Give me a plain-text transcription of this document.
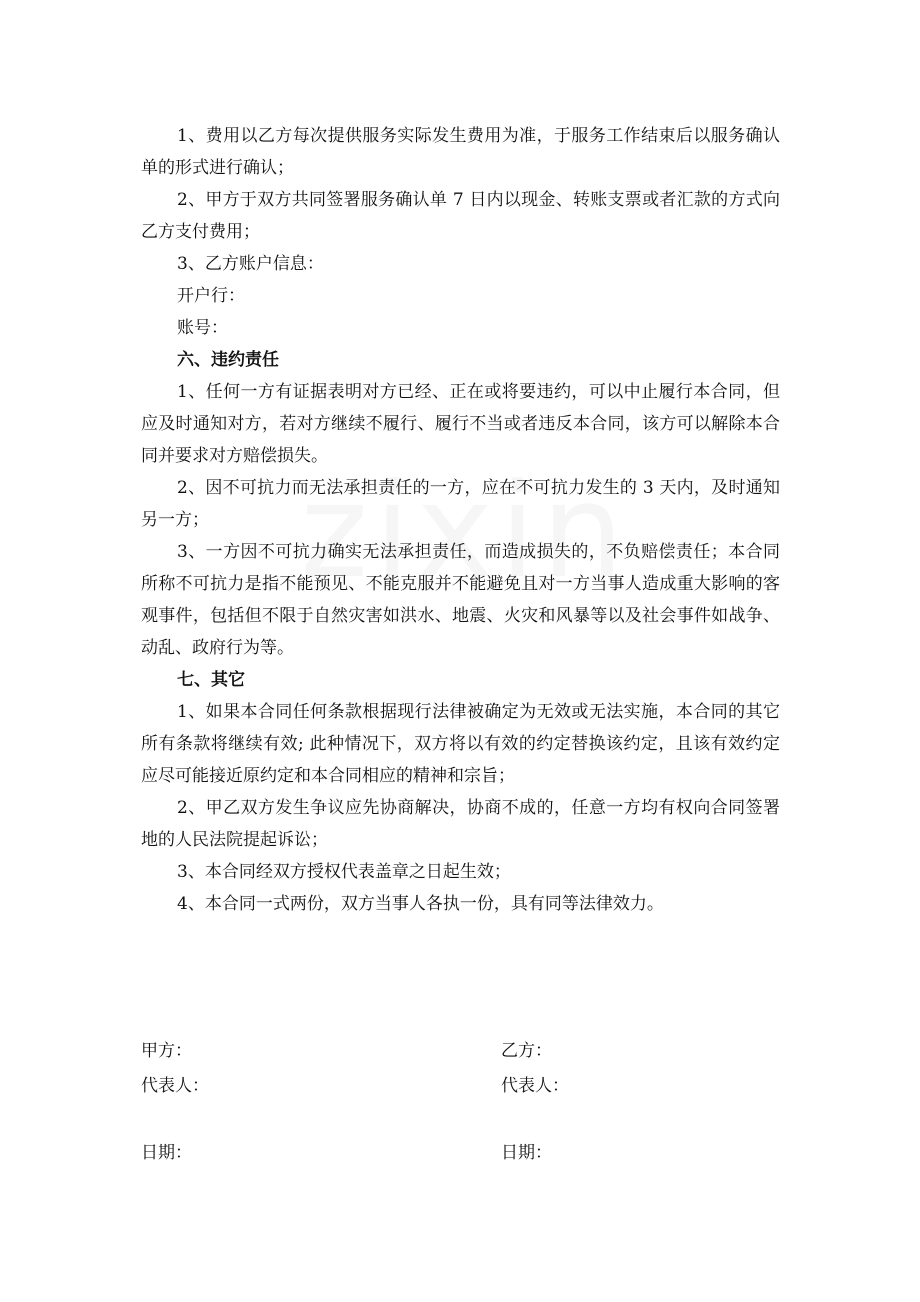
1、费用以乙方每次提供服务实际发生费用为准，于服务工作结束后以服务确认单的形式进行确认；

2、甲方于双方共同签署服务确认单 7 日内以现金、转账支票或者汇款的方式向乙方支付费用；

3、乙方账户信息：

开户行：

账号：

六、违约责任

1、任何一方有证据表明对方已经、正在或将要违约，可以中止履行本合同，但应及时通知对方，若对方继续不履行、履行不当或者违反本合同，该方可以解除本合同并要求对方赔偿损失。

2、因不可抗力而无法承担责任的一方，应在不可抗力发生的 3 天内，及时通知另一方；

3、一方因不可抗力确实无法承担责任，而造成损失的，不负赔偿责任；本合同所称不可抗力是指不能预见、不能克服并不能避免且对一方当事人造成重大影响的客观事件，包括但不限于自然灾害如洪水、地震、火灾和风暴等以及社会事件如战争、动乱、政府行为等。

七、其它

1、如果本合同任何条款根据现行法律被确定为无效或无法实施，本合同的其它所有条款将继续有效; 此种情况下，双方将以有效的约定替换该约定，且该有效约定应尽可能接近原约定和本合同相应的精神和宗旨；

2、甲乙双方发生争议应先协商解决，协商不成的，任意一方均有权向合同签署地的人民法院提起诉讼；

3、本合同经双方授权代表盖章之日起生效；

4、本合同一式两份，双方当事人各执一份，具有同等法律效力。

甲方：	乙方：
代表人：	代表人：
日期：	日期：
